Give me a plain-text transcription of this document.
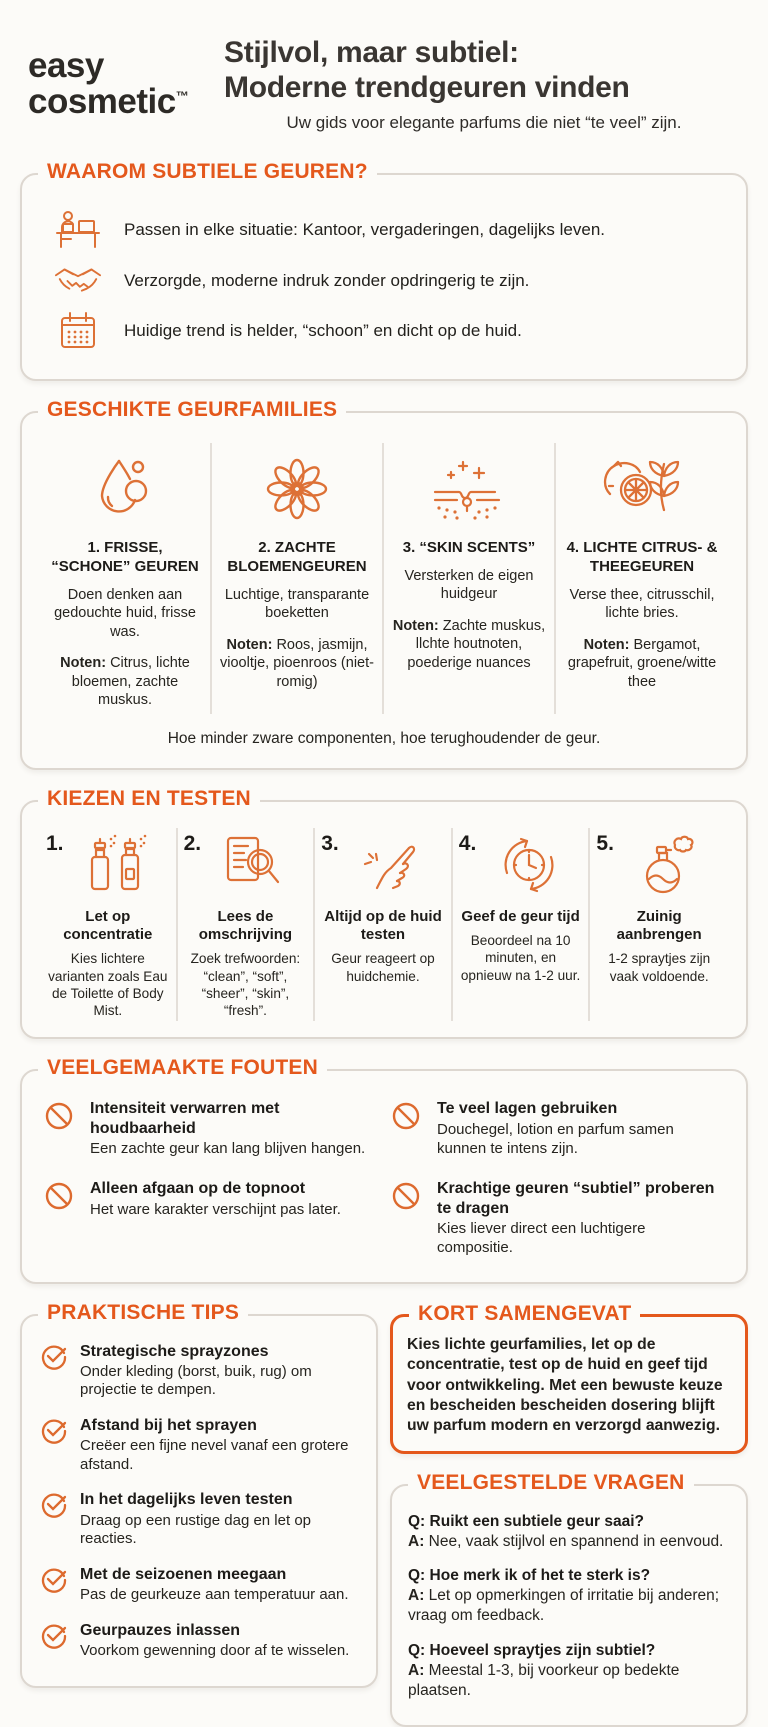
easy
cosmetic™
Stijlvol, maar subtiel:
Moderne trendgeuren vinden
Uw gids voor elegante parfums die niet “te veel” zijn.
WAAROM SUBTIELE GEUREN?
Passen in elke situatie: Kantoor, vergaderingen, dagelijks leven.
Verzorgde, moderne indruk zonder opdringerig te zijn.
Huidige trend is helder, “schoon” en dicht op de huid.
GESCHIKTE GEURFAMILIES
1. FRISSE, “SCHONE” GEUREN
Doen denken aan gedouchte huid, frisse was.
Noten: Citrus, lichte bloemen, zachte muskus.
2. ZACHTE BLOEMENGEUREN
Luchtige, transparante boeketten
Noten: Roos, jasmijn, viooltje, pioenroos (niet-romig)
3. “SKIN SCENTS”
Versterken de eigen huidgeur
Noten: Zachte muskus, llchte houtnoten, poederige nuances
4. LICHTE CITRUS- & THEEGEUREN
Verse thee, citrusschil, lichte bries.
Noten: Bergamot, grapefruit, groene/witte thee
Hoe minder zware componenten, hoe terughoudender de geur.
KIEZEN EN TESTEN
1.
Let op concentratie
Kies lichtere varianten zoals Eau de Toilette of Body Mist.
2.
Lees de omschrijving
Zoek trefwoorden: “clean”, “soft”, “sheer”, “skin”, “fresh”.
3.
Altijd op de huid testen
Geur reageert op huidchemie.
4.
Geef de geur tijd
Beoordeel na 10 minuten, en opnieuw na 1-2 uur.
5.
Zuinig aanbrengen
1-2 spraytjes zijn vaak voldoende.
VEELGEMAAKTE FOUTEN
Intensiteit verwarren met houdbaarheid
Een zachte geur kan lang blijven hangen.
Te veel lagen gebruiken
Douchegel, lotion en parfum samen kunnen te intens zijn.
Alleen afgaan op de topnoot
Het ware karakter verschijnt pas later.
Krachtige geuren “subtiel” proberen te dragen
Kies liever direct een luchtigere compositie.
PRAKTISCHE TIPS
Strategische sprayzones
Onder kleding (borst, buik, rug) om projectie te dempen.
Afstand bij het sprayen
Creëer een fijne nevel vanaf een grotere afstand.
In het dagelijks leven testen
Draag op een rustige dag en let op reacties.
Met de seizoenen meegaan
Pas de geurkeuze aan temperatuur aan.
Geurpauzes inlassen
Voorkom gewenning door af te wisselen.
KORT SAMENGEVAT
Kies lichte geurfamilies, let op de concentratie, test op de huid en geef tijd voor ontwikkeling. Met een bewuste keuze en bescheiden bescheiden dosering blijft uw parfum modern en verzorgd aanwezig.
VEELGESTELDE VRAGEN
Q: Ruikt een subtiele geur saai?
A: Nee, vaak stijlvol en spannend in eenvoud.
Q: Hoe merk ik of het te sterk is?
A: Let op opmerkingen of irritatie bij anderen; vraag om feedback.
Q: Hoeveel spraytjes zijn subtiel?
A: Meestal 1-3, bij voorkeur op bedekte plaatsen.
